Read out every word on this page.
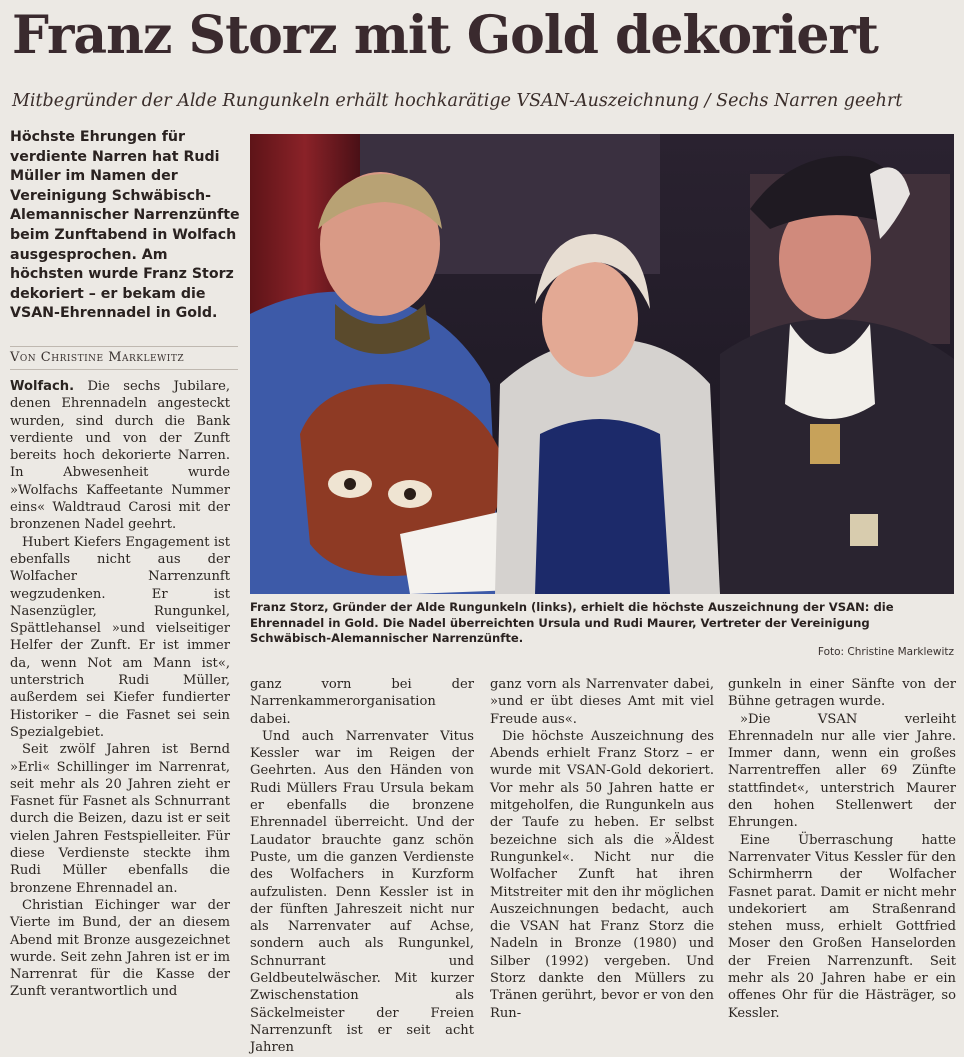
Franz Storz mit Gold dekoriert

Mitbegründer der Alde Rungunkeln erhält hochkarätige VSAN-Auszeichnung / Sechs Narren geehrt

Höchste Ehrungen für verdiente Narren hat Rudi Müller im Namen der Vereinigung Schwäbisch-Alemannischer Narrenzünfte beim Zunftabend in Wolfach ausgesprochen. Am höchsten wurde Franz Storz dekoriert – er bekam die VSAN-Ehrennadel in Gold.

Von Christine Marklewitz

Wolfach. Die sechs Jubilare, denen Ehrennadeln angesteckt wurden, sind durch die Bank verdiente und von der Zunft bereits hoch dekorierte Narren. In Abwesenheit wurde »Wolfachs Kaffeetante Nummer eins« Waldtraud Carosi mit der bronzenen Nadel geehrt.

Hubert Kiefers Engagement ist ebenfalls nicht aus der Wolfacher Narrenzunft wegzudenken. Er ist Nasenzügler, Rungunkel, Spättlehansel »und vielseitiger Helfer der Zunft. Er ist immer da, wenn Not am Mann ist«, unterstrich Rudi Müller, außerdem sei Kiefer fundierter Historiker – die Fasnet sei sein Spezialgebiet.

Seit zwölf Jahren ist Bernd »Erli« Schillinger im Narrenrat, seit mehr als 20 Jahren zieht er Fasnet für Fasnet als Schnurrant durch die Beizen, dazu ist er seit vielen Jahren Festspielleiter. Für diese Verdienste steckte ihm Rudi Müller ebenfalls die bronzene Ehrennadel an.

Christian Eichinger war der Vierte im Bund, der an diesem Abend mit Bronze ausgezeichnet wurde. Seit zehn Jahren ist er im Narrenrat für die Kasse der Zunft verantwortlich und

Franz Storz, Gründer der Alde Rungunkeln (links), erhielt die höchste Auszeichnung der VSAN: die Ehrennadel in Gold. Die Nadel überreichten Ursula und Rudi Maurer, Vertreter der Vereinigung Schwäbisch-Alemannischer Narrenzünfte.

Foto: Christine Marklewitz

ganz vorn bei der Narrenkammerorganisation dabei.

Und auch Narrenvater Vitus Kessler war im Reigen der Geehrten. Aus den Händen von Rudi Müllers Frau Ursula bekam er ebenfalls die bronzene Ehrennadel überreicht. Und der Laudator brauchte ganz schön Puste, um die ganzen Verdienste des Wolfachers in Kurzform aufzulisten. Denn Kessler ist in der fünften Jahreszeit nicht nur als Narrenvater auf Achse, sondern auch als Rungunkel, Schnurrant und Geldbeutelwäscher. Mit kurzer Zwischenstation als Säckelmeister der Freien Narrenzunft ist er seit acht Jahren

ganz vorn als Narrenvater dabei, »und er übt dieses Amt mit viel Freude aus«.

Die höchste Auszeichnung des Abends erhielt Franz Storz – er wurde mit VSAN-Gold dekoriert. Vor mehr als 50 Jahren hatte er mitgeholfen, die Rungunkeln aus der Taufe zu heben. Er selbst bezeichne sich als die »Äldest Rungunkel«. Nicht nur die Wolfacher Zunft hat ihren Mitstreiter mit den ihr möglichen Auszeichnungen bedacht, auch die VSAN hat Franz Storz die Nadeln in Bronze (1980) und Silber (1992) vergeben. Und Storz dankte den Müllers zu Tränen gerührt, bevor er von den Run-

gunkeln in einer Sänfte von der Bühne getragen wurde.

»Die VSAN verleiht Ehrennadeln nur alle vier Jahre. Immer dann, wenn ein großes Narrentreffen aller 69 Zünfte stattfindet«, unterstrich Maurer den hohen Stellenwert der Ehrungen.

Eine Überraschung hatte Narrenvater Vitus Kessler für den Schirmherrn der Wolfacher Fasnet parat. Damit er nicht mehr undekoriert am Straßenrand stehen muss, erhielt Gottfried Moser den Großen Hanselorden der Freien Narrenzunft. Seit mehr als 20 Jahren habe er ein offenes Ohr für die Hästräger, so Kessler.
